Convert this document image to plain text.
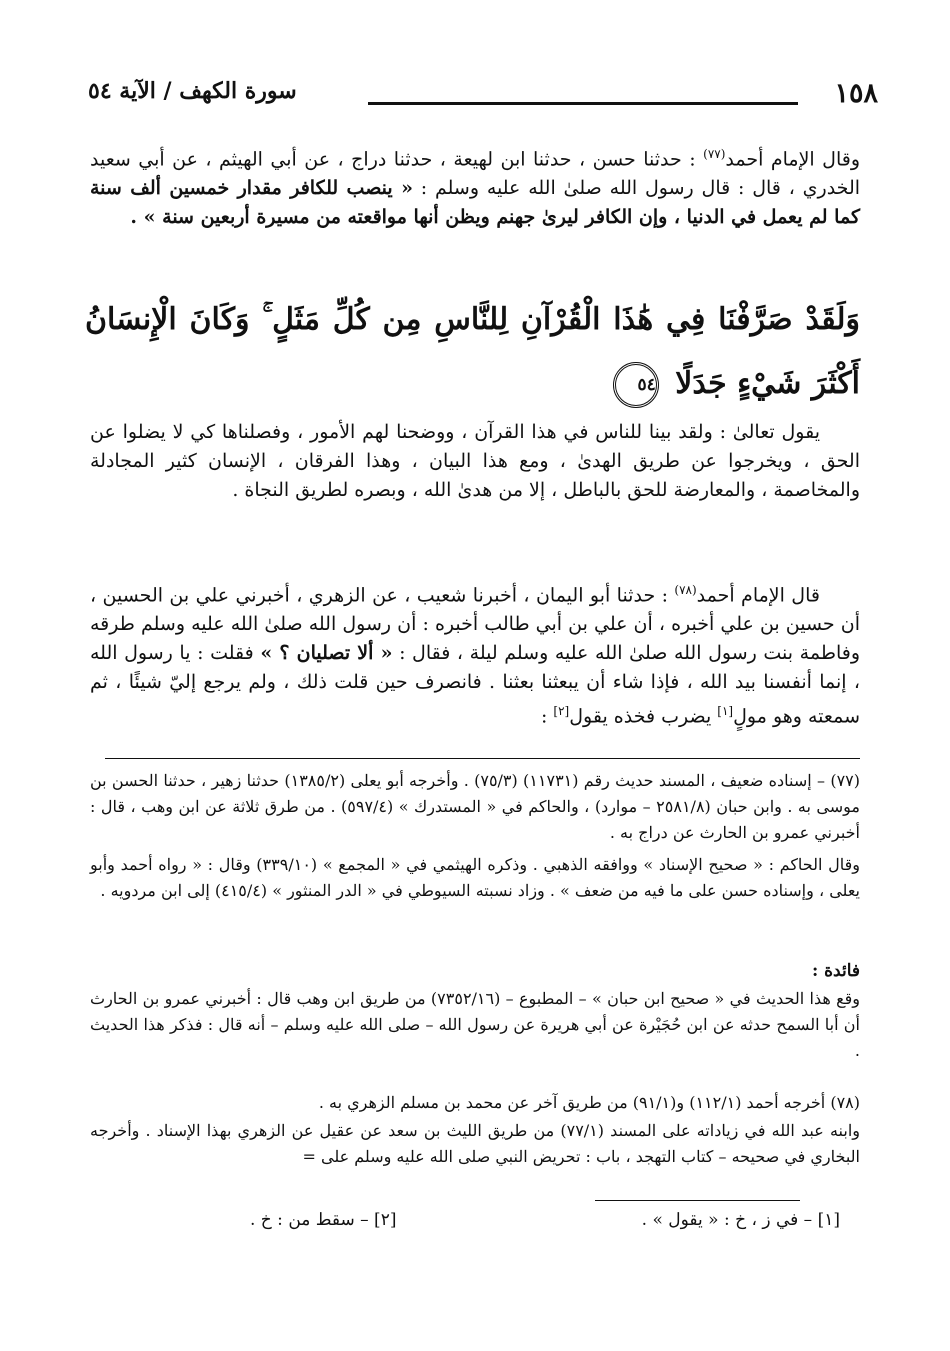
١٥٨
سورة الكهف / الآية ٥٤
وقال الإمام أحمد$^{(٧٧)}$ : حدثنا حسن ، حدثنا ابن لهيعة ، حدثنا دراج ، عن أبي الهيثم ، عن أبي سعيد الخدري ، قال : قال رسول الله صلىٰ الله عليه وسلم : « ينصب للكافر مقدار خمسين ألف سنة كما لم يعمل في الدنيا ، وإن الكافر ليرىٰ جهنم ويظن أنها مواقعته من مسيرة أربعين سنة » .
وَلَقَدْ صَرَّفْنَا فِي هَٰذَا الْقُرْآنِ لِلنَّاسِ مِن كُلِّ مَثَلٍ ۚ وَكَانَ الْإِنسَانُ أَكْثَرَ شَيْءٍ جَدَلًا ٥٤
يقول تعالىٰ : ولقد بينا للناس في هذا القرآن ، ووضحنا لهم الأمور ، وفصلناها كي لا يضلوا عن الحق ، ويخرجوا عن طريق الهدىٰ ، ومع هذا البيان ، وهذا الفرقان ، الإنسان كثير المجادلة والمخاصمة ، والمعارضة للحق بالباطل ، إلا من هدىٰ الله ، وبصره لطريق النجاة .
قال الإمام أحمد$^{(٧٨)}$ : حدثنا أبو اليمان ، أخبرنا شعيب ، عن الزهري ، أخبرني علي بن الحسين ، أن حسين بن علي أخبره ، أن علي بن أبي طالب أخبره : أن رسول الله صلىٰ الله عليه وسلم طرقه وفاطمة بنت رسول الله صلىٰ الله عليه وسلم ليلة ، فقال : « ألا تصليان ؟ » فقلت : يا رسول الله ، إنما أنفسنا بيد الله ، فإذا شاء أن يبعثنا بعثنا . فانصرف حين قلت ذلك ، ولم يرجع إليّ شيئًا ، ثم سمعته وهو مولٍ[١] يضرب فخذه يقول[٢] :
(٧٧) – إسناده ضعيف ، المسند حديث رقم (١١٧٣١) (٧٥/٣) . وأخرجه أبو يعلى (١٣٨٥/٢) حدثنا زهير ، حدثنا الحسن بن موسى به . وابن حبان (٢٥٨١/٨ – موارد) ، والحاكم في « المستدرك » (٥٩٧/٤) . من طرق ثلاثة عن ابن وهب ، قال : أخبرني عمرو بن الحارث عن دراج به .
وقال الحاكم : « صحيح الإسناد » ووافقه الذهبي . وذكره الهيثمي في « المجمع » (٣٣٩/١٠) وقال : « رواه أحمد وأبو يعلى ، وإسناده حسن على ما فيه من ضعف » . وزاد نسبته السيوطي في « الدر المنثور » (٤١٥/٤) إلى ابن مردويه .
فائدة :
وقع هذا الحديث في « صحيح ابن حبان » – المطبوع – (٧٣٥٢/١٦) من طريق ابن وهب قال : أخبرني عمرو بن الحارث أن أبا السمح حدثه عن ابن حُجَيْرة عن أبي هريرة عن رسول الله – صلى الله عليه وسلم – أنه قال : فذكر هذا الحديث .
(٧٨) أخرجه أحمد (١١٢/١) و(٩١/١) من طريق آخر عن محمد بن مسلم الزهري به .
وابنه عبد الله في زياداته على المسند (٧٧/١) من طريق الليث بن سعد عن عقيل عن الزهري بهذا الإسناد . وأخرجه البخاري في صحيحه – كتاب التهجد ، باب : تحريض النبي صلى الله عليه وسلم على =
[١] – في ز ، خ : « يقول » .
[٢] – سقط من : خ .
